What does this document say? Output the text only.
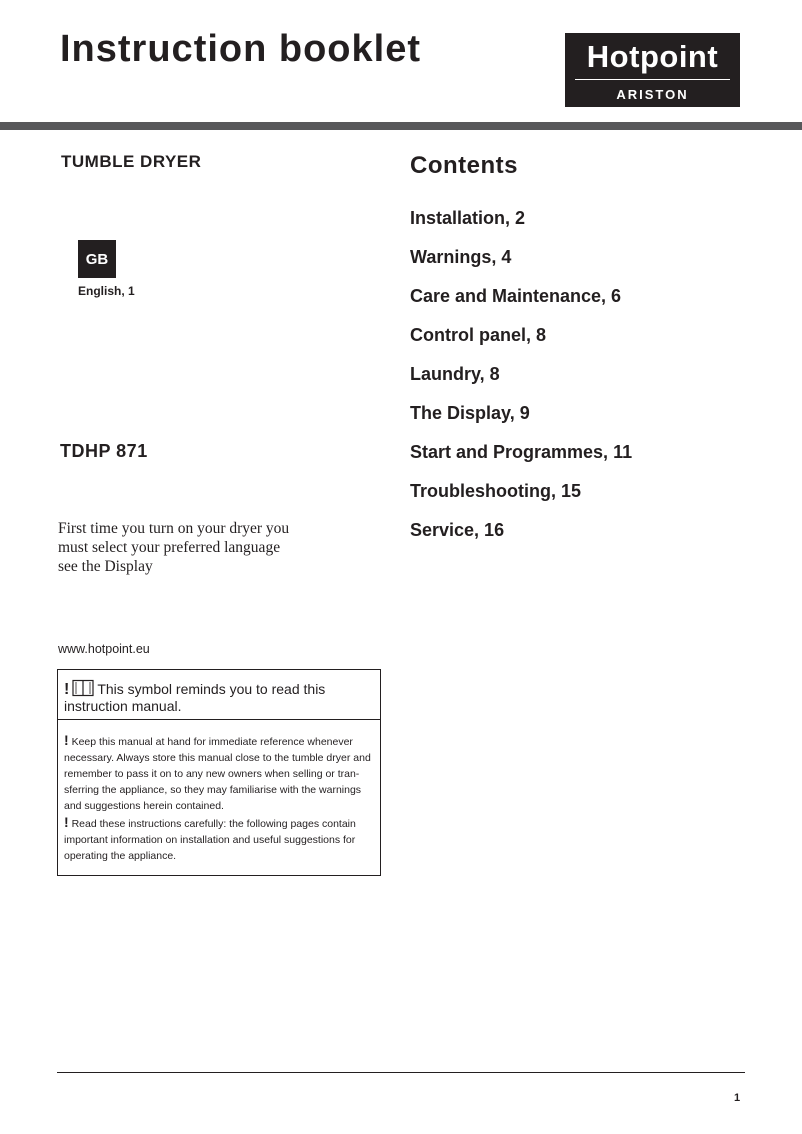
Instruction booklet	Hotpoint
ARISTON
TUMBLE DRYER
GB
English, 1
TDHP 871
First time you turn on your dryer you
must select your preferred language
see the Display
www.hotpoint.eu
! This symbol reminds you to read this instruction manual.
! Keep this manual at hand for immediate reference whenever necessary. Always store this manual close to the tumble dryer and remember to pass it on to any new owners when selling or tran-sferring the appliance, so they may familiarise with the warnings and suggestions herein contained.
! Read these instructions carefully: the following pages contain important information on installation and useful suggestions for operating the appliance.
Contents
Installation, 2
Warnings, 4
Care and Maintenance, 6
Control panel, 8
Laundry, 8
The Display, 9
Start and Programmes, 11
Troubleshooting, 15
Service, 16
1
